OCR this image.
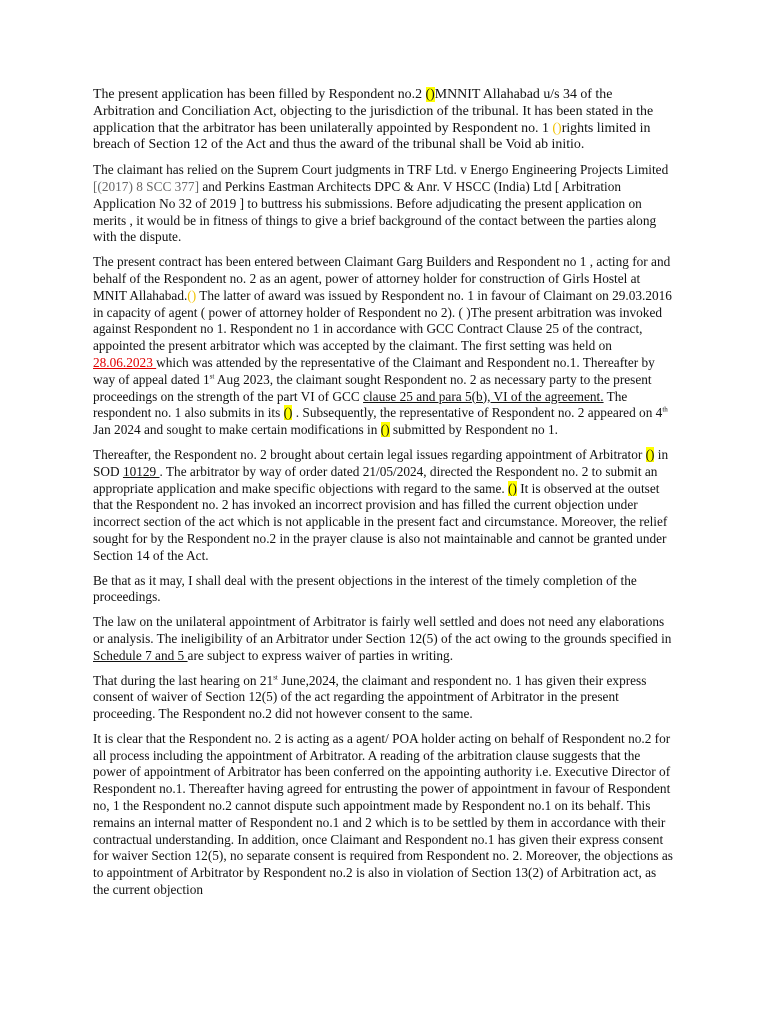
The present application has been filled by Respondent no.2 ()MNNIT Allahabad u/s 34 of the Arbitration and Conciliation Act, objecting to the jurisdiction of the tribunal. It has been stated in the application that the arbitrator has been unilaterally appointed by Respondent no. 1 ()rights limited in breach of Section 12 of the Act and thus the award of the tribunal shall be Void ab initio.

The claimant has relied on the Suprem Court judgments in TRF Ltd. v Energo Engineering Projects Limited [(2017) 8 SCC 377] and Perkins Eastman Architects DPC & Anr. V HSCC (India) Ltd [ Arbitration Application No 32 of 2019 ] to buttress his submissions. Before adjudicating the present application on merits , it would be in fitness of things to give a brief background of the contact between the parties along with the dispute.

The present contract has been entered between Claimant Garg Builders and Respondent no 1 , acting for and behalf of the Respondent no. 2 as an agent, power of attorney holder for construction of Girls Hostel at MNIT Allahabad.() The latter of award was issued by Respondent no. 1 in favour of Claimant on 29.03.2016 in capacity of agent ( power of attorney holder of Respondent no 2). ( )The present arbitration was invoked against Respondent no 1. Respondent no 1 in accordance with GCC Contract Clause 25 of the contract, appointed the present arbitrator which was accepted by the claimant. The first setting was held on 28.06.2023 which was attended by the representative of the Claimant and Respondent no.1. Thereafter by way of appeal dated 1st Aug 2023, the claimant sought Respondent no. 2 as necessary party to the present proceedings on the strength of the part VI of GCC clause 25 and para 5(b), VI of the agreement. The respondent no. 1 also submits in its () . Subsequently, the representative of Respondent no. 2 appeared on 4th Jan 2024 and sought to make certain modifications in () submitted by Respondent no 1.

Thereafter, the Respondent no. 2 brought about certain legal issues regarding appointment of Arbitrator () in SOD 10129 . The arbitrator by way of order dated 21/05/2024, directed the Respondent no. 2 to submit an appropriate application and make specific objections with regard to the same. () It is observed at the outset that the Respondent no. 2 has invoked an incorrect provision and has filled the current objection under incorrect section of the act which is not applicable in the present fact and circumstance. Moreover, the relief sought for by the Respondent no.2 in the prayer clause is also not maintainable and cannot be granted under Section 14 of the Act.

Be that as it may, I shall deal with the present objections in the interest of the timely completion of the proceedings.

The law on the unilateral appointment of Arbitrator is fairly well settled and does not need any elaborations or analysis. The ineligibility of an Arbitrator under Section 12(5) of the act owing to the grounds specified in Schedule 7 and 5 are subject to express waiver of parties in writing.

That during the last hearing on 21st June,2024, the claimant and respondent no. 1 has given their express consent of waiver of Section 12(5) of the act regarding the appointment of Arbitrator in the present proceeding. The Respondent no.2 did not however consent to the same.

It is clear that the Respondent no. 2 is acting as a agent/ POA holder acting on behalf of Respondent no.2 for all process including the appointment of Arbitrator. A reading of the arbitration clause suggests that the power of appointment of Arbitrator has been conferred on the appointing authority i.e. Executive Director of Respondent no.1. Thereafter having agreed for entrusting the power of appointment in favour of Respondent no, 1 the Respondent no.2 cannot dispute such appointment made by Respondent no.1 on its behalf. This remains an internal matter of Respondent no.1 and 2 which is to be settled by them in accordance with their contractual understanding. In addition, once Claimant and Respondent no.1 has given their express consent for waiver Section 12(5), no separate consent is required from Respondent no. 2. Moreover, the objections as to appointment of Arbitrator by Respondent no.2 is also in violation of Section 13(2) of Arbitration act, as the current objection
